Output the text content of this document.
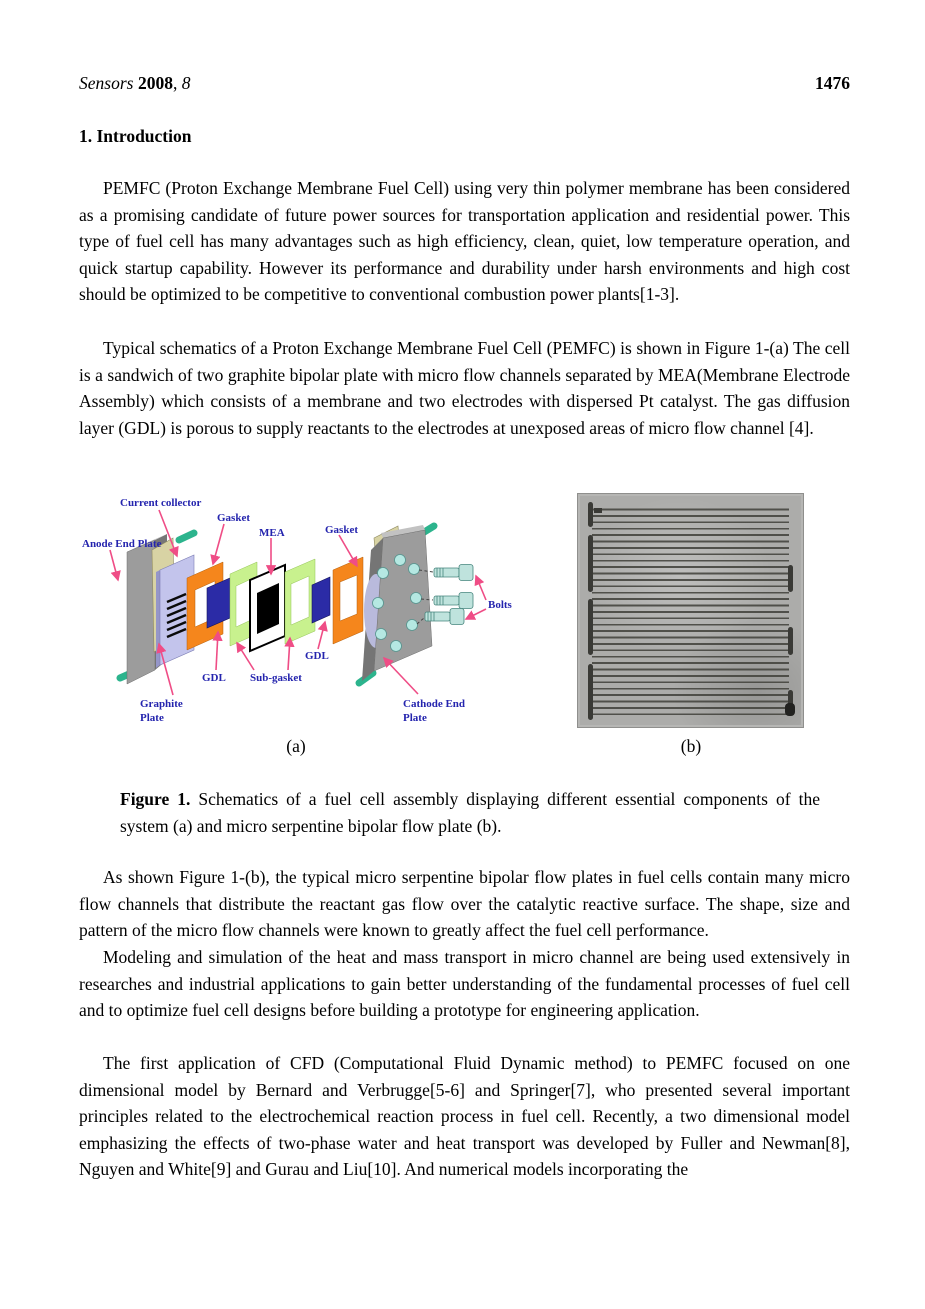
Sensors 2008, 8	1476
1. Introduction

PEMFC (Proton Exchange Membrane Fuel Cell) using very thin polymer membrane has been considered as a promising candidate of future power sources for transportation application and residential power. This type of fuel cell has many advantages such as high efficiency, clean, quiet, low temperature operation, and quick startup capability. However its performance and durability under harsh environments and high cost should be optimized to be competitive to conventional combustion power plants[1-3].

Typical schematics of a Proton Exchange Membrane Fuel Cell (PEMFC) is shown in Figure 1-(a) The cell is a sandwich of two graphite bipolar plate with micro flow channels separated by MEA(Membrane Electrode Assembly) which consists of a membrane and two electrodes with dispersed Pt catalyst. The gas diffusion layer (GDL) is porous to supply reactants to the electrodes at unexposed areas of micro flow channel [4].

Current collector
Gasket
MEA	Gasket
Anode End Plate
Bolts
GDL Sub-gasket
GDL
Graphite
Plate
Cathode End
Plate
(a)	(b)

Figure 1. Schematics of a fuel cell assembly displaying different essential components of the system (a) and micro serpentine bipolar flow plate (b).

As shown Figure 1-(b), the typical micro serpentine bipolar flow plates in fuel cells contain many micro flow channels that distribute the reactant gas flow over the catalytic reactive surface. The shape, size and pattern of the micro flow channels were known to greatly affect the fuel cell performance.

Modeling and simulation of the heat and mass transport in micro channel are being used extensively in researches and industrial applications to gain better understanding of the fundamental processes of fuel cell and to optimize fuel cell designs before building a prototype for engineering application.

The first application of CFD (Computational Fluid Dynamic method) to PEMFC focused on one dimensional model by Bernard and Verbrugge[5-6] and Springer[7], who presented several important principles related to the electrochemical reaction process in fuel cell. Recently, a two dimensional model emphasizing the effects of two-phase water and heat transport was developed by Fuller and Newman[8], Nguyen and White[9] and Gurau and Liu[10]. And numerical models incorporating the
